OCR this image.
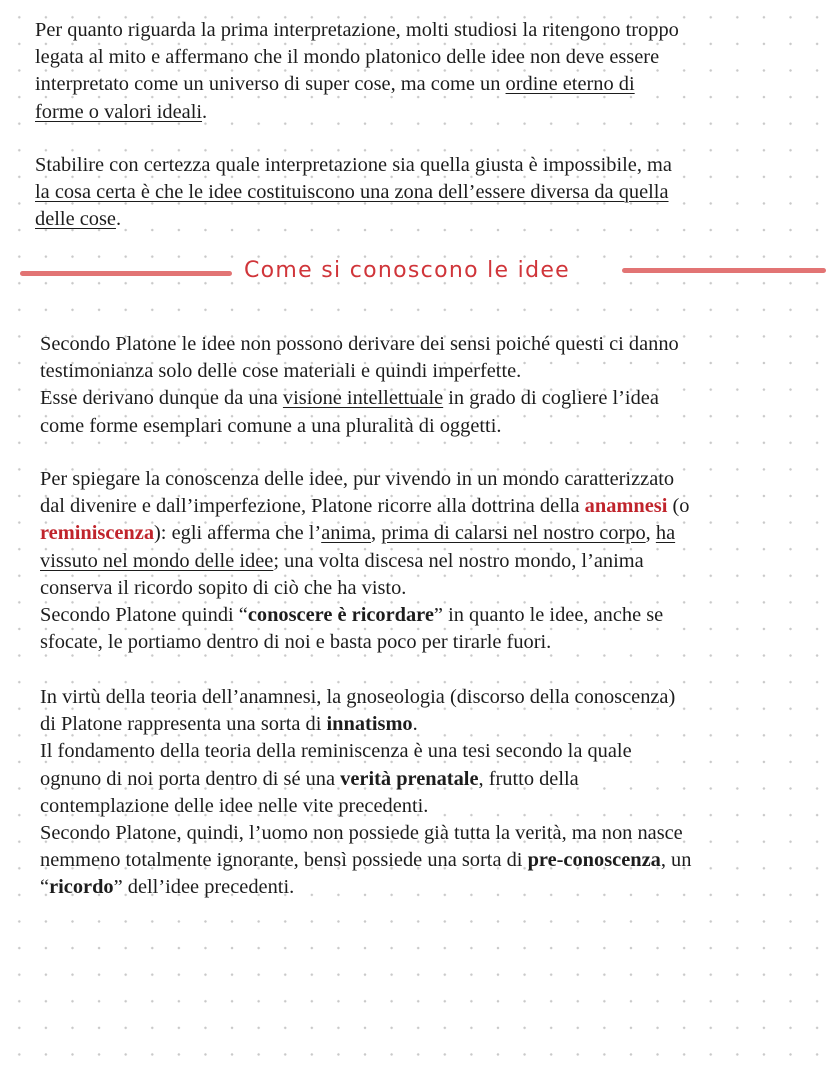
Per quanto riguarda la prima interpretazione, molti studiosi la ritengono troppo
legata al mito e affermano che il mondo platonico delle idee non deve essere
interpretato come un universo di super cose, ma come un ordine eterno di
forme o valori ideali.

Stabilire con certezza quale interpretazione sia quella giusta è impossibile, ma
la cosa certa è che le idee costituiscono una zona dell’essere diversa da quella
delle cose.

Come si conoscono le idee

Secondo Platone le idee non possono derivare dei sensi poiché questi ci danno
testimonianza solo delle cose materiali e quindi imperfette.
Esse derivano dunque da una visione intellettuale in grado di cogliere l’idea
come forme esemplari comune a una pluralità di oggetti.

Per spiegare la conoscenza delle idee, pur vivendo in un mondo caratterizzato
dal divenire e dall’imperfezione, Platone ricorre alla dottrina della anamnesi (o
reminiscenza): egli afferma che l’anima, prima di calarsi nel nostro corpo, ha
vissuto nel mondo delle idee; una volta discesa nel nostro mondo, l’anima
conserva il ricordo sopito di ciò che ha visto.
Secondo Platone quindi “conoscere è ricordare” in quanto le idee, anche se
sfocate, le portiamo dentro di noi e basta poco per tirarle fuori.

In virtù della teoria dell’anamnesi, la gnoseologia (discorso della conoscenza)
di Platone rappresenta una sorta di innatismo.
Il fondamento della teoria della reminiscenza è una tesi secondo la quale
ognuno di noi porta dentro di sé una verità prenatale, frutto della
contemplazione delle idee nelle vite precedenti.
Secondo Platone, quindi, l’uomo non possiede già tutta la verità, ma non nasce
nemmeno totalmente ignorante, bensì possiede una sorta di pre-conoscenza, un
“ricordo” dell’idee precedenti.
